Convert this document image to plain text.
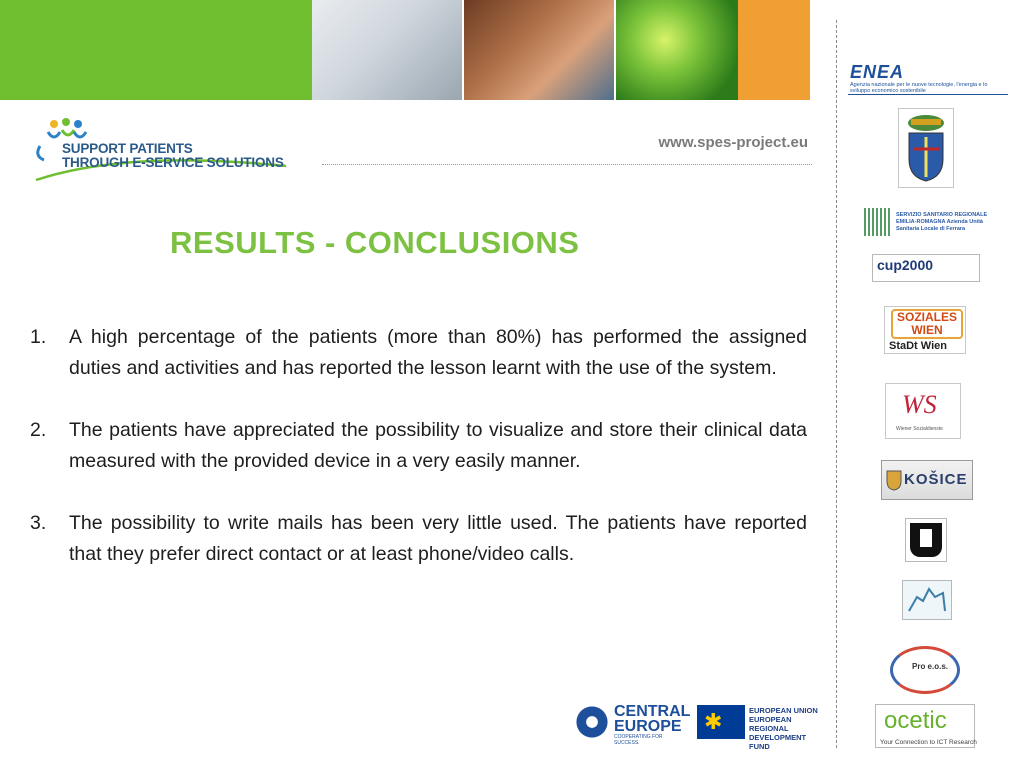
SUPPORT PATIENTS
THROUGH E-SERVICE SOLUTIONS
www.spes-project.eu
RESULTS - CONCLUSIONS
1.	A high percentage of the patients (more than 80%) has performed the assigned duties and activities and has reported the lesson learnt with the use of the system.
2.	The patients have appreciated the possibility to visualize and store their clinical data measured with the provided device in a very easily manner.
3.	The possibility to write mails has been very little used. The patients have reported that they prefer direct contact or at least phone/video calls.
ENEA
Agenzia nazionale per le nuove tecnologie, l'energia e lo sviluppo economico sostenibile
SERVIZIO SANITARIO REGIONALE EMILIA-ROMAGNA Azienda Unità Sanitaria Locale di Ferrara
cup2000
SOZIALES WIEN
StaDt Wien
WS
Wiener Sozialdienste
KOŠICE
Pro e.o.s.
ocetic
Your Connection to ICT Research
CENTRAL EUROPE
COOPERATING FOR SUCCESS.
✱	EUROPEAN UNION EUROPEAN REGIONAL DEVELOPMENT FUND
